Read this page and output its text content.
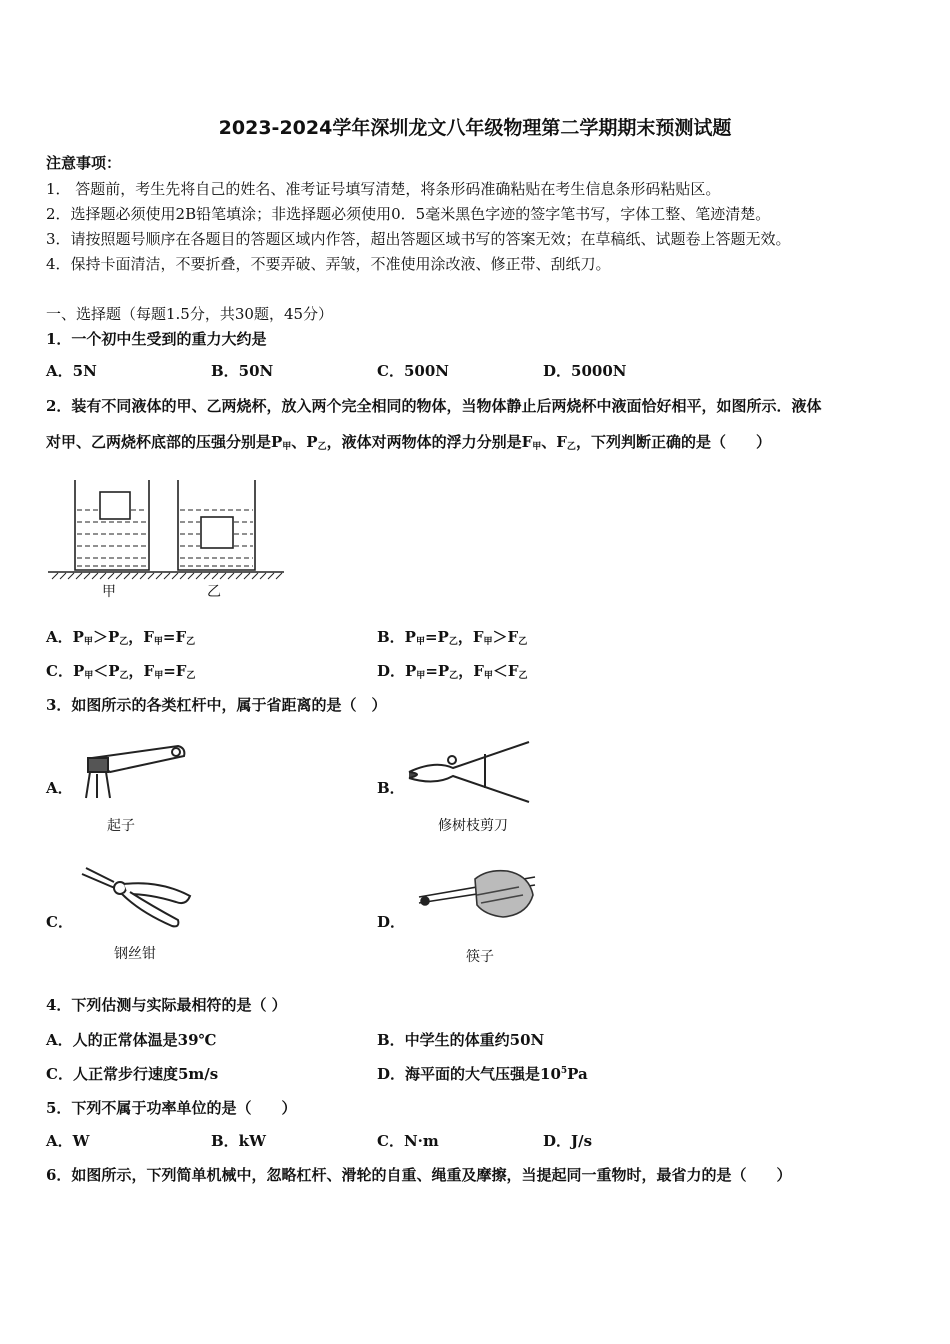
2023-2024学年深圳龙文八年级物理第二学期期末预测试题
注意事项：
1． 答题前，考生先将自己的姓名、准考证号填写清楚，将条形码准确粘贴在考生信息条形码粘贴区。
2．选择题必须使用2B铅笔填涂；非选择题必须使用0．5毫米黑色字迹的签字笔书写，字体工整、笔迹清楚。
3．请按照题号顺序在各题目的答题区域内作答，超出答题区域书写的答案无效；在草稿纸、试题卷上答题无效。
4．保持卡面清洁，不要折叠，不要弄破、弄皱，不准使用涂改液、修正带、刮纸刀。
一、选择题（每题1.5分，共30题，45分）
1．一个初中生受到的重力大约是
A．5N	B．50N	C．500N	D．5000N
2．装有不同液体的甲、乙两烧杯，放入两个完全相同的物体，当物体静止后两烧杯中液面恰好相平，如图所示．液体
对甲、乙两烧杯底部的压强分别是$P_甲$、$P_乙$，液体对两物体的浮力分别是$F_甲$、$F_乙$，下列判断正确的是（　　）
甲	乙
A．$P_甲>P_乙$，$F_甲=F_乙$	B．$P_甲=P_乙$，$F_甲>F_乙$
C．$P_甲<P_乙$，$F_甲=F_乙$	D．$P_甲=P_乙$，$F_甲<F_乙$
3．如图所示的各类杠杆中，属于省距离的是（　）
A．
起子
B．
修树枝剪刀
C．
钢丝钳
D．
筷子
4．下列估测与实际最相符的是（ ）
A．人的正常体温是39℃	B．中学生的体重约50N
C．人正常步行速度5m/s	D．海平面的大气压强是$10^5Pa$
5．下列不属于功率单位的是（　　）
A．W	B．kW	C．N·m	D．J/s
6．如图所示，下列简单机械中，忽略杠杆、滑轮的自重、绳重及摩擦，当提起同一重物时，最省力的是（　　）
